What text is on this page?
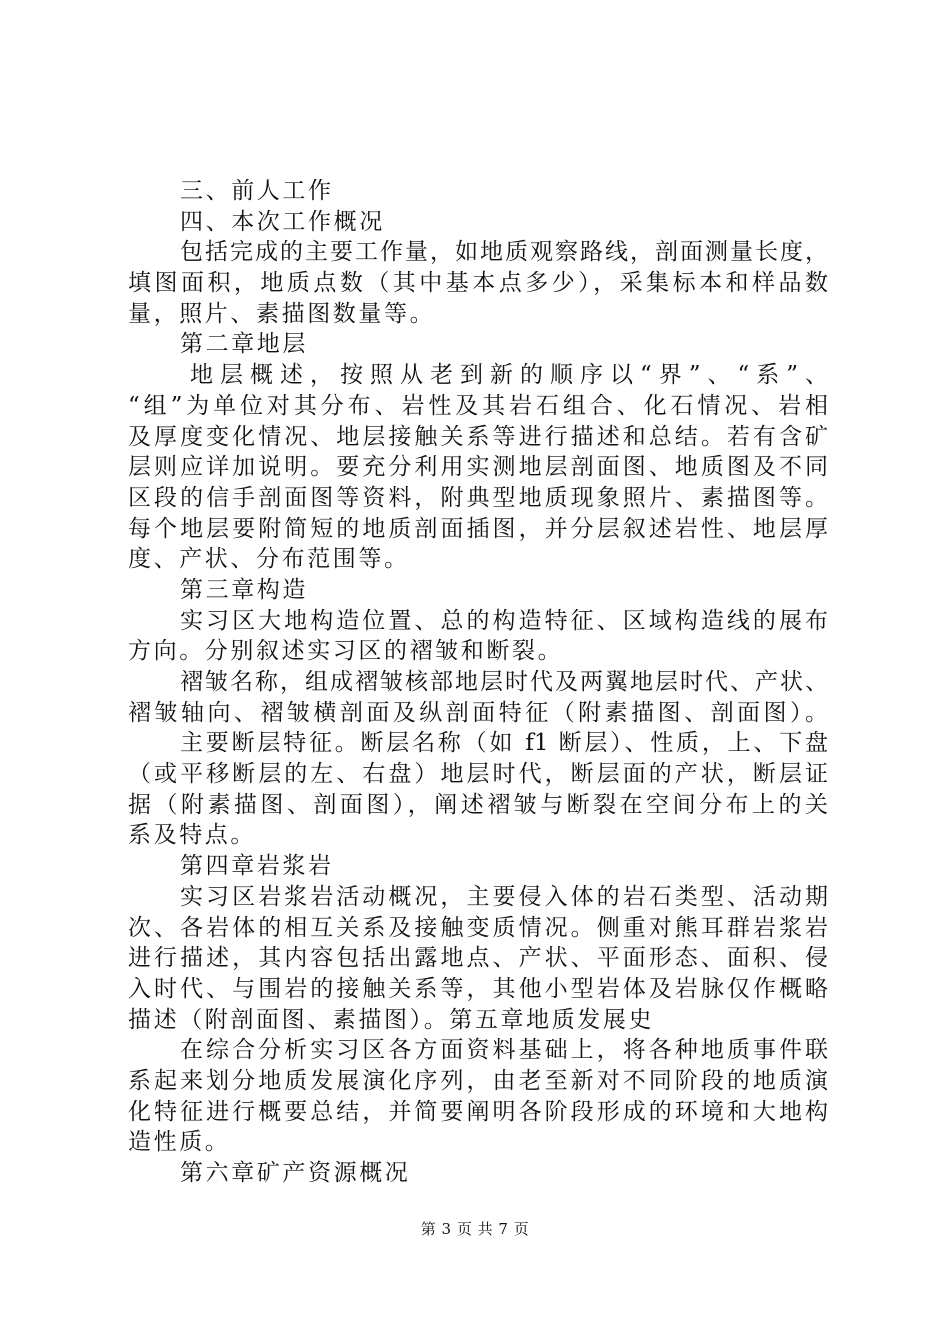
三、前人工作
四、本次工作概况
包括完成的主要工作量，如地质观察路线，剖面测量长度，
填图面积，地质点数（其中基本点多少），采集标本和样品数
量，照片、素描图数量等。
第二章地层
地层概述，按照从老到新的顺序以“界”、“系”、
“组”为单位对其分布、岩性及其岩石组合、化石情况、岩相
及厚度变化情况、地层接触关系等进行描述和总结。若有含矿
层则应详加说明。要充分利用实测地层剖面图、地质图及不同
区段的信手剖面图等资料，附典型地质现象照片、素描图等。
每个地层要附简短的地质剖面插图，并分层叙述岩性、地层厚
度、产状、分布范围等。
第三章构造
实习区大地构造位置、总的构造特征、区域构造线的展布
方向。分别叙述实习区的褶皱和断裂。
褶皱名称，组成褶皱核部地层时代及两翼地层时代、产状、
褶皱轴向、褶皱横剖面及纵剖面特征（附素描图、剖面图）。
主要断层特征。断层名称（如 f1 断层）、性质，上、下盘
（或平移断层的左、右盘）地层时代，断层面的产状，断层证
据（附素描图、剖面图），阐述褶皱与断裂在空间分布上的关
系及特点。
第四章岩浆岩
实习区岩浆岩活动概况，主要侵入体的岩石类型、活动期
次、各岩体的相互关系及接触变质情况。侧重对熊耳群岩浆岩
进行描述，其内容包括出露地点、产状、平面形态、面积、侵
入时代、与围岩的接触关系等，其他小型岩体及岩脉仅作概略
描述（附剖面图、素描图）。第五章地质发展史
在综合分析实习区各方面资料基础上，将各种地质事件联
系起来划分地质发展演化序列，由老至新对不同阶段的地质演
化特征进行概要总结，并简要阐明各阶段形成的环境和大地构
造性质。
第六章矿产资源概况
第 3 页 共 7 页
